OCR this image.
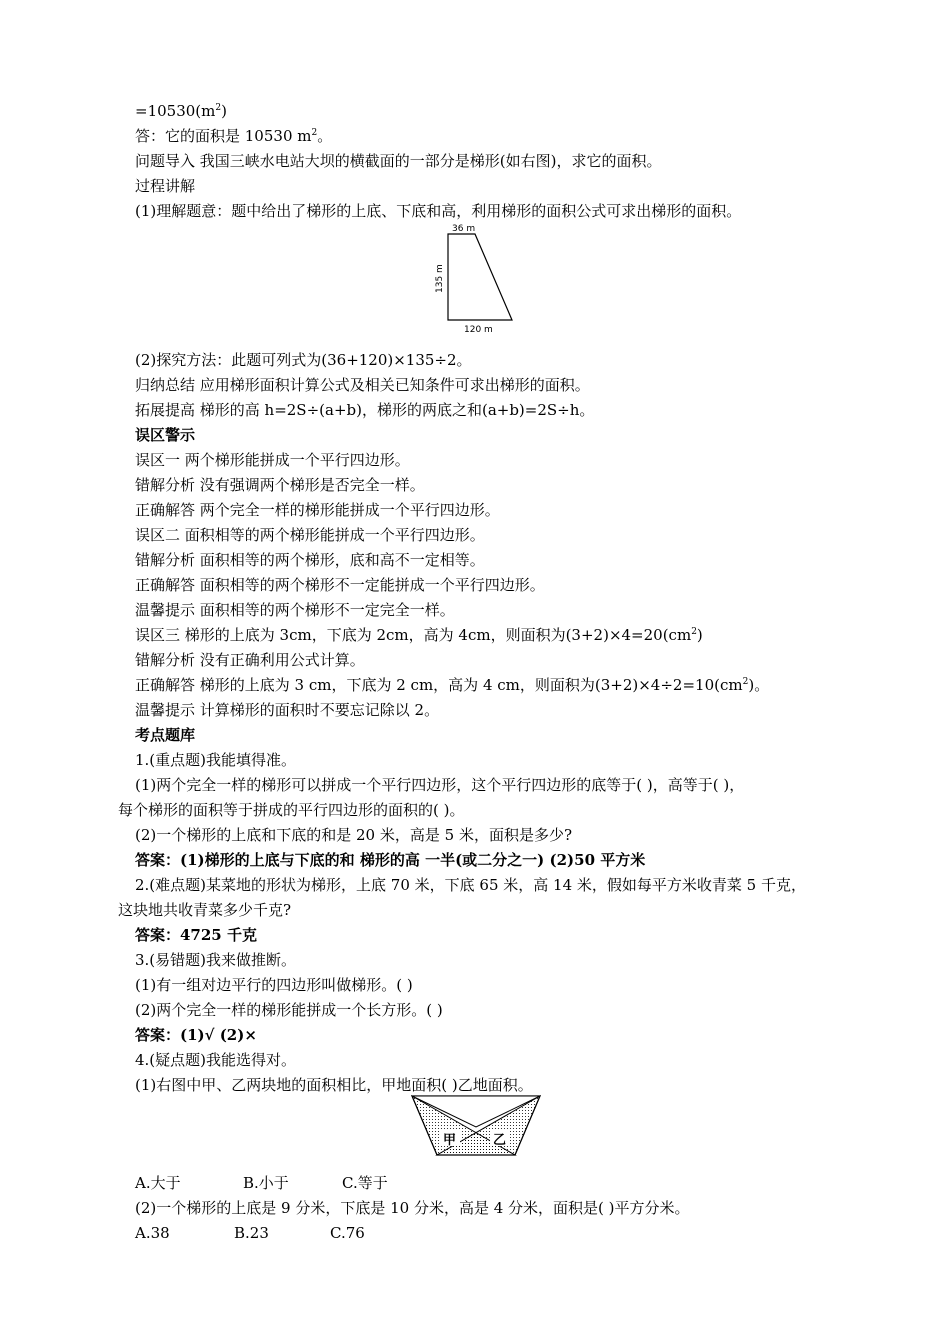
$=10530(m^2)$
答：它的面积是 10530 $m^2$。
问题导入 我国三峡水电站大坝的横截面的一部分是梯形(如右图)，求它的面积。
过程讲解
(1)理解题意：题中给出了梯形的上底、下底和高，利用梯形的面积公式可求出梯形的面积。
36 m
135 m
120 m
(2)探究方法：此题可列式为(36+120)×135÷2。
归纳总结 应用梯形面积计算公式及相关已知条件可求出梯形的面积。
拓展提高 梯形的高 h=2S÷(a+b)，梯形的两底之和(a+b)=2S÷h。
误区警示
误区一 两个梯形能拼成一个平行四边形。
错解分析 没有强调两个梯形是否完全一样。
正确解答 两个完全一样的梯形能拼成一个平行四边形。
误区二 面积相等的两个梯形能拼成一个平行四边形。
错解分析 面积相等的两个梯形，底和高不一定相等。
正确解答 面积相等的两个梯形不一定能拼成一个平行四边形。
温馨提示 面积相等的两个梯形不一定完全一样。
误区三 梯形的上底为 3cm，下底为 2cm，高为 4cm，则面积为$(3+2)\times 4=20(cm^2)$
错解分析 没有正确利用公式计算。
正确解答 梯形的上底为 3 cm，下底为 2 cm，高为 4 cm，则面积为$(3+2)\times 4\div 2=10(cm^2)$。
温馨提示 计算梯形的面积时不要忘记除以 2。
考点题库
1.(重点题)我能填得准。
(1)两个完全一样的梯形可以拼成一个平行四边形，这个平行四边形的底等于( )，高等于( )，
每个梯形的面积等于拼成的平行四边形的面积的( )。
(2)一个梯形的上底和下底的和是 20 米，高是 5 米，面积是多少?
答案：(1)梯形的上底与下底的和 梯形的高 一半(或二分之一) (2)50 平方米
2.(难点题)某菜地的形状为梯形，上底 70 米，下底 65 米，高 14 米，假如每平方米收青菜 5 千克，
这块地共收青菜多少千克?
答案：4725 千克
3.(易错题)我来做推断。
(1)有一组对边平行的四边形叫做梯形。( )
(2)两个完全一样的梯形能拼成一个长方形。( )
答案：(1)√ (2)×
4.(疑点题)我能选得对。
(1)右图中甲、乙两块地的面积相比，甲地面积( )乙地面积。
甲	乙
A.大于	B.小于	C.等于
(2)一个梯形的上底是 9 分米，下底是 10 分米，高是 4 分米，面积是( )平方分米。
A.38	B.23	C.76
